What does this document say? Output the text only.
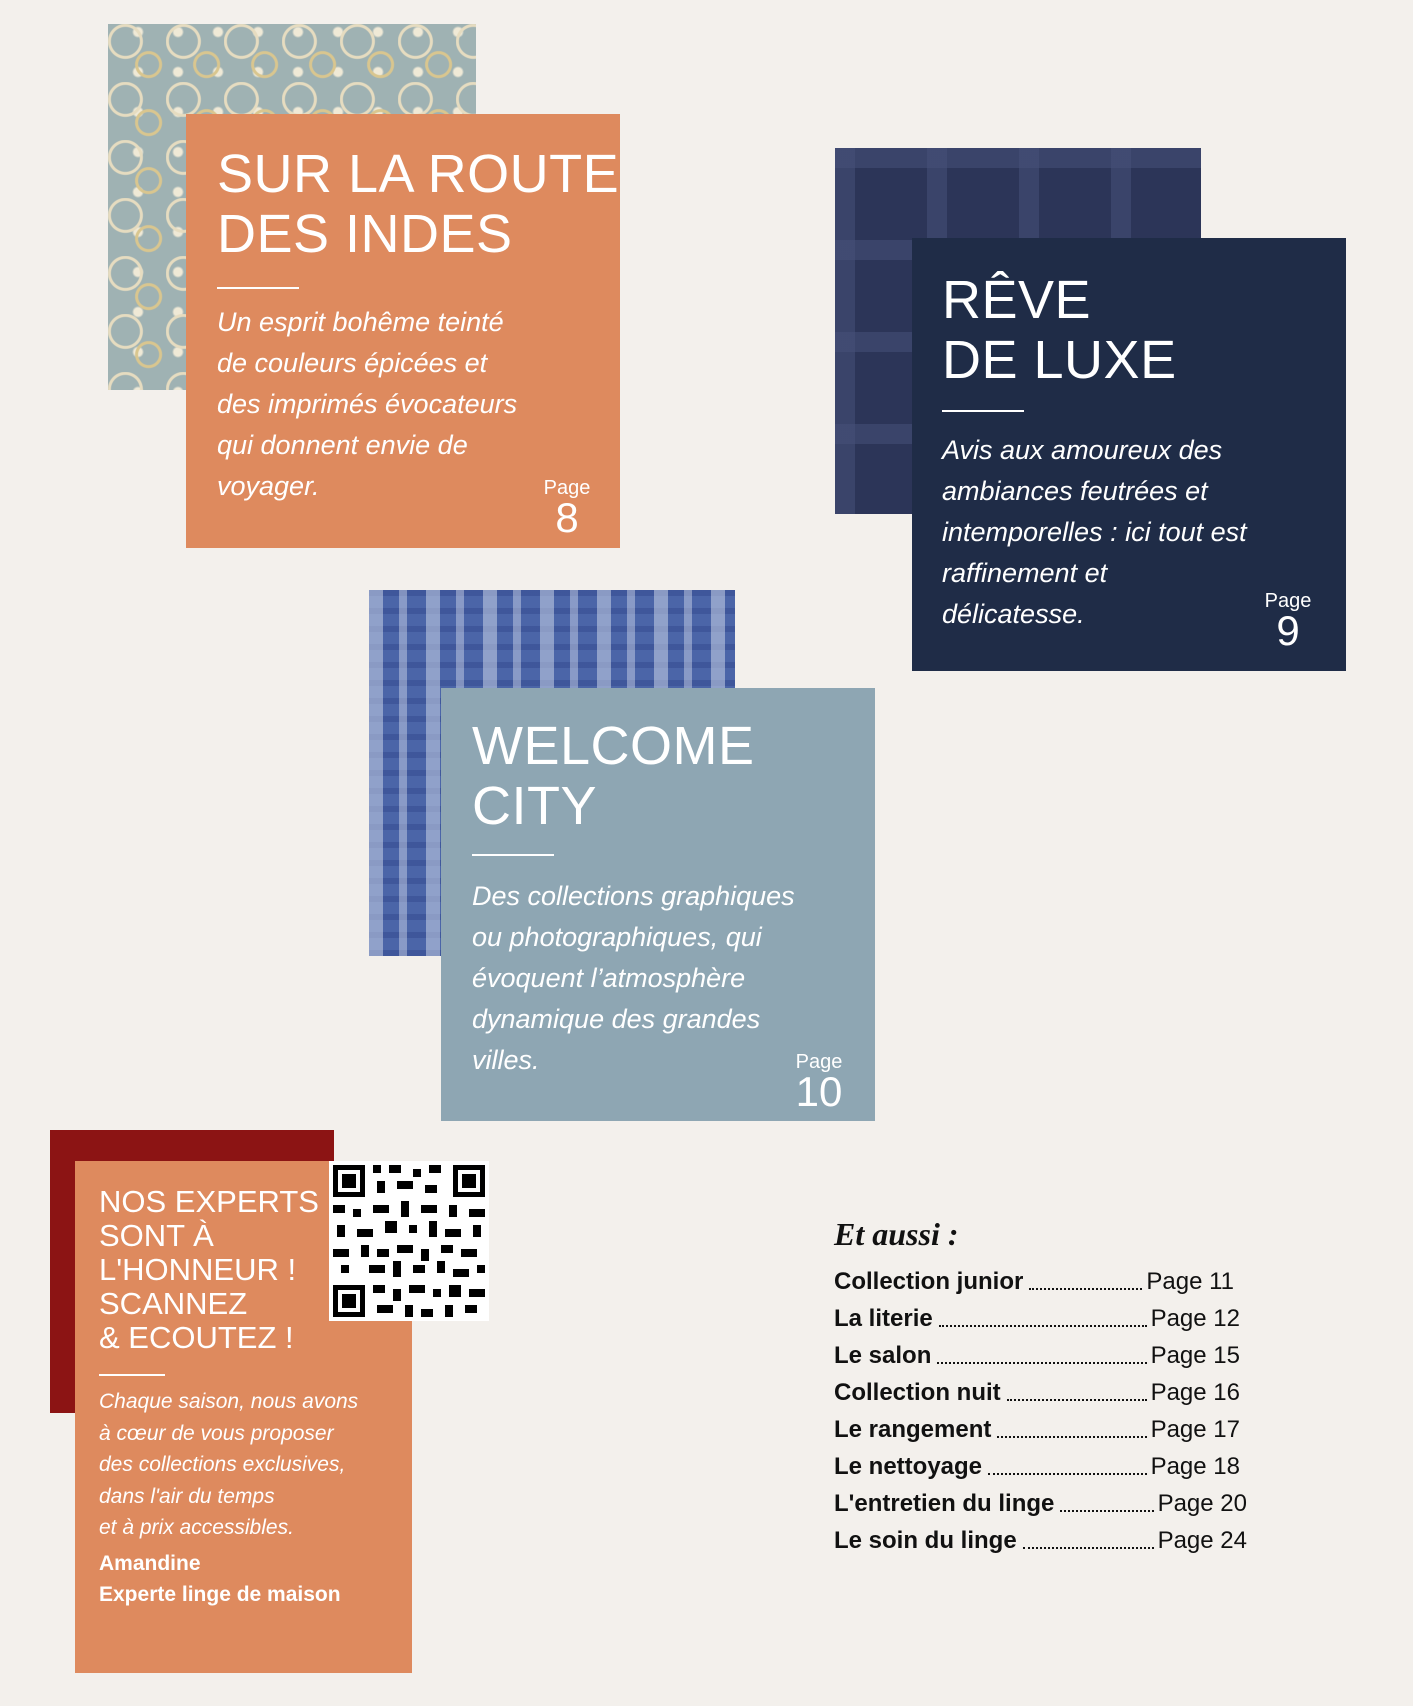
SUR LA ROUTE
DES INDES

Un esprit bohême teinté
de couleurs épicées et
des imprimés évocateurs
qui donnent envie de
voyager.	Page
8
RÊVE
DE LUXE

Avis aux amoureux des
ambiances feutrées et
intemporelles : ici tout est
raffinement et
délicatesse.	Page
9
WELCOME
CITY

Des collections graphiques
ou photographiques, qui
évoquent l’atmosphère
dynamique des grandes
villes.	Page
10
NOS EXPERTS
SONT À
L'HONNEUR !
SCANNEZ
& ECOUTEZ !

Chaque saison, nous avons
à cœur de vous proposer
des collections exclusives,
dans l'air du temps
et à prix accessibles.

Amandine
Experte linge de maison
Et aussi :
Collection junior	Page 11
La literie	Page 12
Le salon	Page 15
Collection nuit	Page 16
Le rangement	Page 17
Le nettoyage	Page 18
L'entretien du linge	Page 20
Le soin du linge	Page 24
